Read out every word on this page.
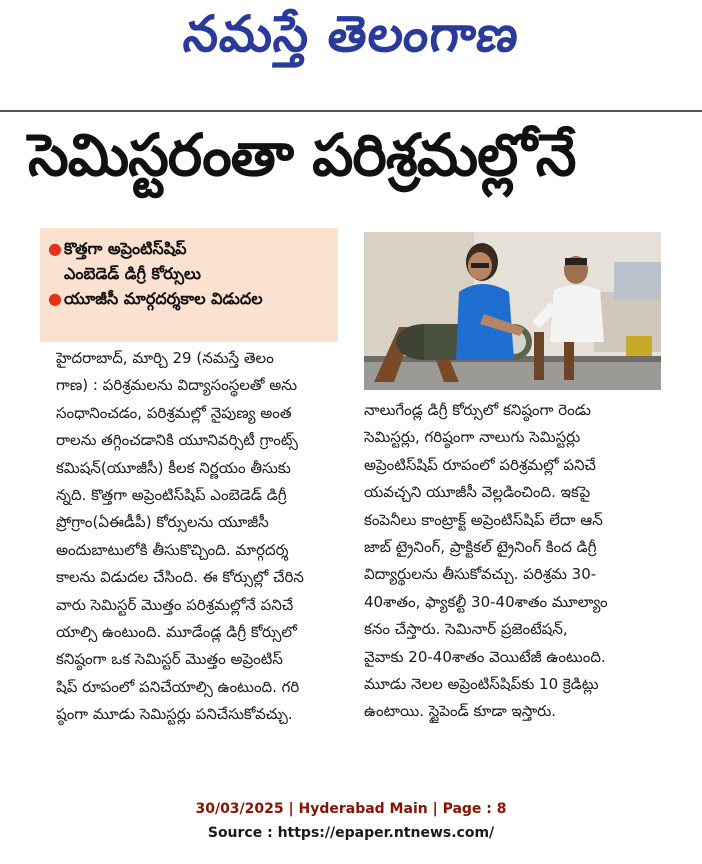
నమస్తే తెలంగాణ
సెమిస్టరంతా పరిశ్రమల్లోనే
● కొత్తగా అప్రెంటిస్‌షిప్
ఎంబెడెడ్ డిగ్రీ కోర్సులు
● యూజీసీ మార్గదర్శకాల విడుదల
హైదరాబాద్, మార్చి 29 (నమస్తే తెలం
గాణ) : పరిశ్రమలను విద్యాసంస్థలతో అను
సంధానించడం, పరిశ్రమల్లో నైపుణ్య అంత
రాలను తగ్గించడానికి యూనివర్సిటీ గ్రాంట్స్
కమిషన్(యూజీసీ) కీలక నిర్ణయం తీసుకు
న్నది. కొత్తగా అప్రెంటిస్‌షిప్ ఎంబెడెడ్ డిగ్రీ
ప్రోగ్రాం(ఏఈడీపీ) కోర్సులను యూజీసీ
అందుబాటులోకి తీసుకొచ్చింది. మార్గదర్శ
కాలను విడుదల చేసింది. ఈ కోర్సుల్లో చేరిన
వారు సెమిస్టర్ మొత్తం పరిశ్రమల్లోనే పనిచే
యాల్సి ఉంటుంది. మూడేండ్ల డిగ్రీ కోర్సులో
కనిష్ఠంగా ఒక సెమిస్టర్ మొత్తం అప్రెంటిస్
షిప్ రూపంలో పనిచేయాల్సి ఉంటుంది. గరి
ష్ఠంగా మూడు సెమిస్టర్లు పనిచేసుకోవచ్చు.
నాలుగేండ్ల డిగ్రీ కోర్సులో కనిష్ఠంగా రెండు
సెమిస్టర్లు, గరిష్ఠంగా నాలుగు సెమిస్టర్లు
అప్రెంటిస్‌షిప్ రూపంలో పరిశ్రమల్లో పనిచే
యవచ్చని యూజీసీ వెల్లడించింది. ఇకపై
కంపెనీలు కాంట్రాక్ట్ అప్రెంటిస్‌షిప్ లేదా ఆన్
జాబ్ ట్రైనింగ్, ప్రాక్టికల్ ట్రైనింగ్ కింద డిగ్రీ
విద్యార్థులను తీసుకోవచ్చు. పరిశ్రమ 30-
40శాతం, ఫ్యాకల్టీ 30-40శాతం మూల్యాం
కనం చేస్తారు. సెమినార్ ప్రజెంటేషన్,
వైవాకు 20-40శాతం వెయిటేజీ ఉంటుంది.
మూడు నెలల అప్రెంటిస్‌షిప్‌కు 10 క్రెడిట్లు
ఉంటాయి. స్టైపెండ్ కూడా ఇస్తారు.
30/03/2025 | Hyderabad Main | Page : 8
Source : https://epaper.ntnews.com/
